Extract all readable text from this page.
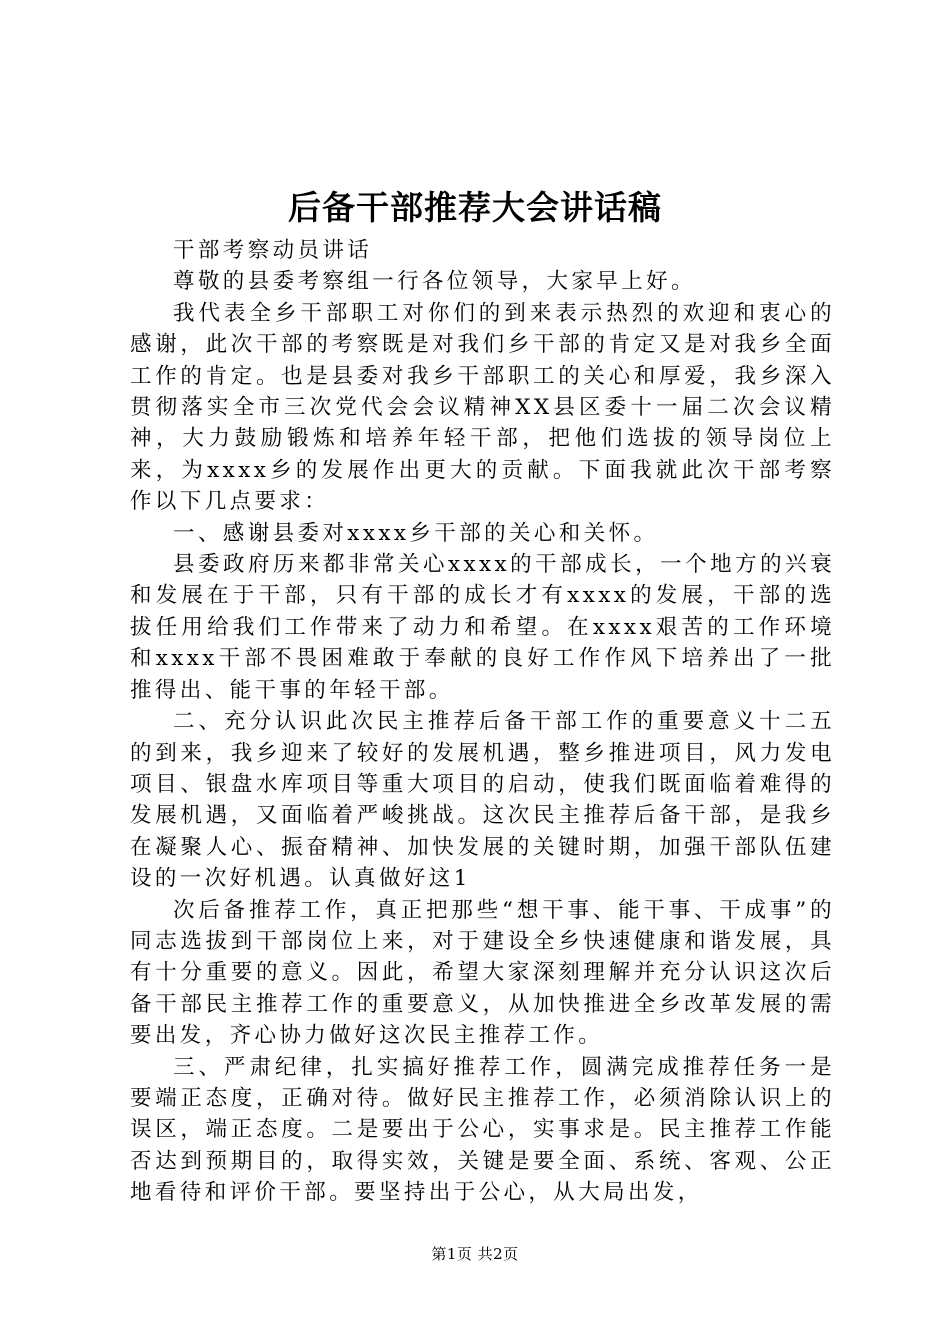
后备干部推荐大会讲话稿

干部考察动员讲话

尊敬的县委考察组一行各位领导，大家早上好。

我代表全乡干部职工对你们的到来表示热烈的欢迎和衷心的感谢，此次干部的考察既是对我们乡干部的肯定又是对我乡全面工作的肯定。也是县委对我乡干部职工的关心和厚爱，我乡深入贯彻落实全市三次党代会会议精神XX县区委十一届二次会议精神，大力鼓励锻炼和培养年轻干部，把他们选拔的领导岗位上来，为xxxx乡的发展作出更大的贡献。下面我就此次干部考察作以下几点要求：

一、感谢县委对xxxx乡干部的关心和关怀。

县委政府历来都非常关心xxxx的干部成长，一个地方的兴衰和发展在于干部，只有干部的成长才有xxxx的发展，干部的选拔任用给我们工作带来了动力和希望。在xxxx艰苦的工作环境和xxxx干部不畏困难敢于奉献的良好工作作风下培养出了一批推得出、能干事的年轻干部。

二、充分认识此次民主推荐后备干部工作的重要意义十二五的到来，我乡迎来了较好的发展机遇，整乡推进项目，风力发电项目、银盘水库项目等重大项目的启动，使我们既面临着难得的发展机遇，又面临着严峻挑战。这次民主推荐后备干部，是我乡在凝聚人心、振奋精神、加快发展的关键时期，加强干部队伍建设的一次好机遇。认真做好这1

次后备推荐工作，真正把那些“想干事、能干事、干成事”的同志选拔到干部岗位上来，对于建设全乡快速健康和谐发展，具有十分重要的意义。因此，希望大家深刻理解并充分认识这次后备干部民主推荐工作的重要意义，从加快推进全乡改革发展的需要出发，齐心协力做好这次民主推荐工作。

三、严肃纪律，扎实搞好推荐工作，圆满完成推荐任务一是要端正态度，正确对待。做好民主推荐工作，必须消除认识上的误区，端正态度。二是要出于公心，实事求是。民主推荐工作能否达到预期目的，取得实效，关键是要全面、系统、客观、公正地看待和评价干部。要坚持出于公心，从大局出发，

第1页 共2页
